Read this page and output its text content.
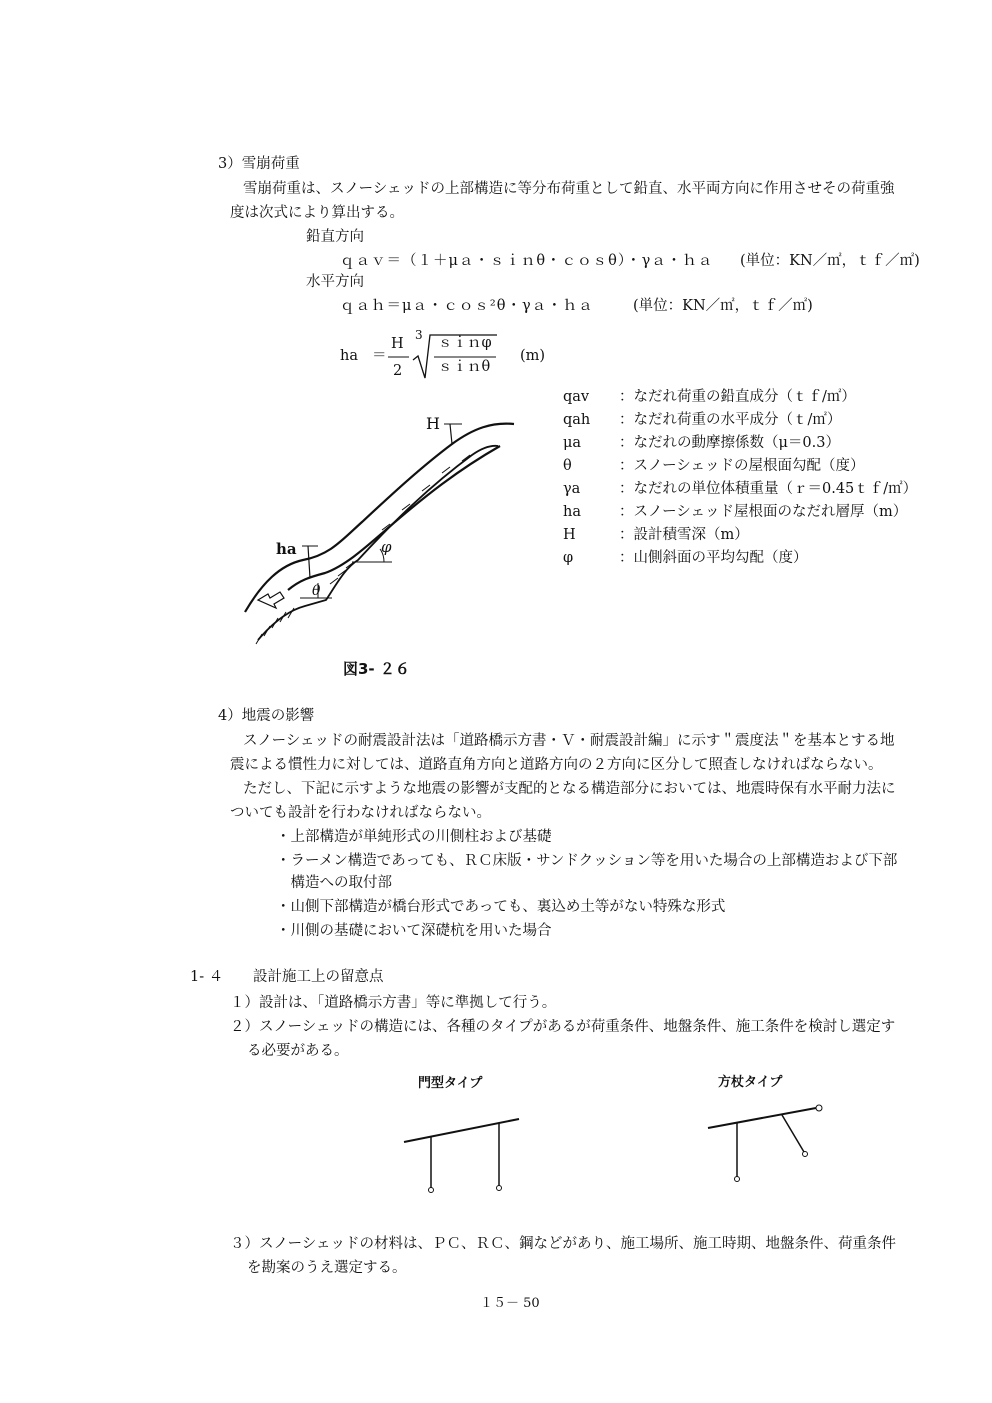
3）雪崩荷重
雪崩荷重は、スノーシェッドの上部構造に等分布荷重として鉛直、水平両方向に作用させその荷重強
度は次式により算出する。
鉛直方向
ｑａｖ＝（１＋μａ・ｓｉｎθ・ｃｏｓθ）・γａ・ｈａ (単位：KN／㎡，ｔｆ／㎡)
水平方向
ｑａｈ＝μａ・ｃｏｓ²θ・γａ・ｈａ	(単位：KN／㎡，ｔｆ／㎡)
ha ＝
H
2
3 ｓｉｎφ
ｓｉｎθ
(m)
qav ：なだれ荷重の鉛直成分（ｔｆ/㎡）
qah ：なだれ荷重の水平成分（ｔ/㎡）
μa	：なだれの動摩擦係数（μ＝0.3）
θ	：スノーシェッドの屋根面勾配（度）
γa	：なだれの単位体積重量（ｒ＝0.45ｔｆ/㎡）
ha	：スノーシェッド屋根面のなだれ層厚（m）
H	：設計積雪深（m）
φ	：山側斜面の平均勾配（度）
H
ha	φ
θ
図3- ２６
4）地震の影響
スノーシェッドの耐震設計法は「道路橋示方書・Ｖ・耐震設計編」に示す＂震度法＂を基本とする地
震による慣性力に対しては、道路直角方向と道路方向の２方向に区分して照査しなければならない。
ただし、下記に示すような地震の影響が支配的となる構造部分においては、地震時保有水平耐力法に
ついても設計を行わなければならない。
・上部構造が単純形式の川側柱および基礎
・ラーメン構造であっても、ＲＣ床版・サンドクッション等を用いた場合の上部構造および下部
　構造への取付部
・山側下部構造が橋台形式であっても、裏込め土等がない特殊な形式
・川側の基礎において深礎杭を用いた場合
1- ４ 設計施工上の留意点
１）設計は、「道路橋示方書」等に準拠して行う。
２）スノーシェッドの構造には、各種のタイプがあるが荷重条件、地盤条件、施工条件を検討し選定す
る必要がある。
門型タイプ	方杖タイプ
３）スノーシェッドの材料は、ＰＣ、ＲＣ、鋼などがあり、施工場所、施工時期、地盤条件、荷重条件
を勘案のうえ選定する。
１５－ 50
